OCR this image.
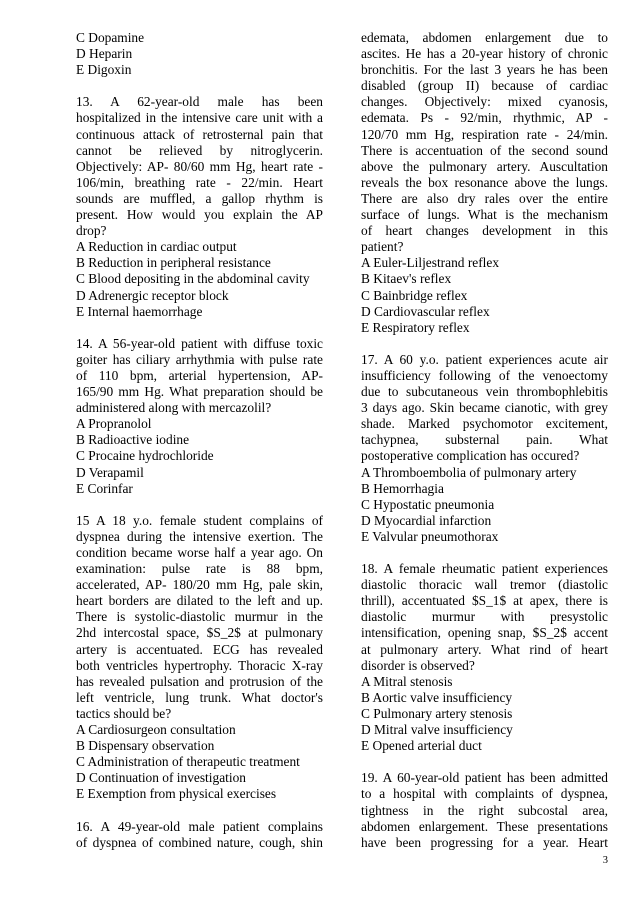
C Dopamine
D Heparin
E Digoxin
13. A 62-year-old male has been
hospitalized in the intensive care unit with a
continuous attack of retrosternal pain that
cannot be relieved by nitroglycerin.
Objectively: AP- 80/60 mm Hg, heart rate -
106/min, breathing rate - 22/min. Heart
sounds are muffled, a gallop rhythm is
present. How would you explain the AP
drop?
A Reduction in cardiac output
B Reduction in peripheral resistance
C Blood depositing in the abdominal cavity
D Adrenergic receptor block
E Internal haemorrhage
14. A 56-year-old patient with diffuse toxic
goiter has ciliary arrhythmia with pulse rate
of 110 bpm, arterial hypertension, AP-
165/90 mm Hg. What preparation should be
administered along with mercazolil?
A Propranolol
B Radioactive iodine
C Procaine hydrochloride
D Verapamil
E Corinfar
15 A 18 y.o. female student complains of
dyspnea during the intensive exertion. The
condition became worse half a year ago. On
examination: pulse rate is 88 bpm,
accelerated, AP- 180/20 mm Hg, pale skin,
heart borders are dilated to the left and up.
There is systolic-diastolic murmur in the
2hd intercostal space, $S_2$ at pulmonary
artery is accentuated. ECG has revealed
both ventricles hypertrophy. Thoracic X-ray
has revealed pulsation and protrusion of the
left ventricle, lung trunk. What doctor's
tactics should be?
A Cardiosurgeon consultation
B Dispensary observation
C Administration of therapeutic treatment
D Continuation of investigation
E Exemption from physical exercises
16. A 49-year-old male patient complains
of dyspnea of combined nature, cough, shin
edemata, abdomen enlargement due to
ascites. He has a 20-year history of chronic
bronchitis. For the last 3 years he has been
disabled (group II) because of cardiac
changes. Objectively: mixed cyanosis,
edemata. Ps - 92/min, rhythmic, AP -
120/70 mm Hg, respiration rate - 24/min.
There is accentuation of the second sound
above the pulmonary artery. Auscultation
reveals the box resonance above the lungs.
There are also dry rales over the entire
surface of lungs. What is the mechanism
of heart changes development in this
patient?
A Euler-Liljestrand reflex
B Kitaev's reflex
C Bainbridge reflex
D Cardiovascular reflex
E Respiratory reflex
17. A 60 y.o. patient experiences acute air
insufficiency following of the venoectomy
due to subcutaneous vein thrombophlebitis
3 days ago. Skin became cianotic, with grey
shade. Marked psychomotor excitement,
tachypnea, substernal pain. What
postoperative complication has occured?
A Thromboembolia of pulmonary artery
B Hemorrhagia
C Hypostatic pneumonia
D Myocardial infarction
E Valvular pneumothorax
18. A female rheumatic patient experiences
diastolic thoracic wall tremor (diastolic
thrill), accentuated $S_1$ at apex, there is
diastolic murmur with presystolic
intensification, opening snap, $S_2$ accent
at pulmonary artery. What rind of heart
disorder is observed?
A Mitral stenosis
B Aortic valve insufficiency
C Pulmonary artery stenosis
D Mitral valve insufficiency
E Opened arterial duct
19. A 60-year-old patient has been admitted
to a hospital with complaints of dyspnea,
tightness in the right subcostal area,
abdomen enlargement. These presentations
have been progressing for a year. Heart
3
